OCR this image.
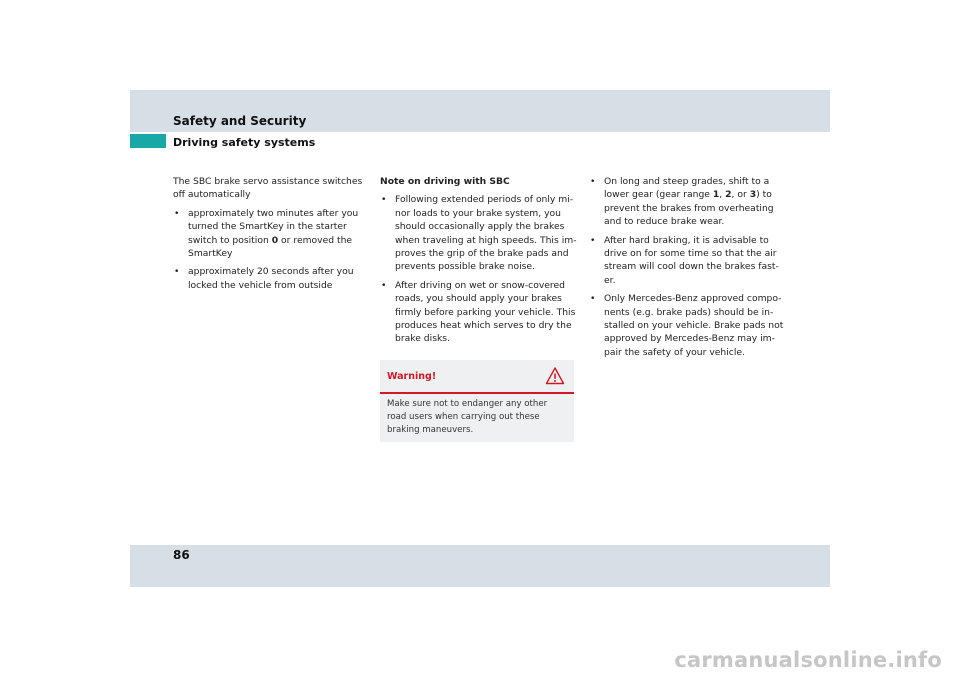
Safety and Security
Driving safety systems

The SBC brake servo assistance switches off automatically

• approximately two minutes after you turned the SmartKey in the starter switch to position 0 or removed the SmartKey
• approximately 20 seconds after you locked the vehicle from outside

Note on driving with SBC

• Following extended periods of only mi-nor loads to your brake system, you should occasionally apply the brakes when traveling at high speeds. This im-proves the grip of the brake pads and prevents possible brake noise.
• After driving on wet or snow-covered roads, you should apply your brakes firmly before parking your vehicle. This produces heat which serves to dry the brake disks.
Warning!
Make sure not to endanger any other road users when carrying out these braking maneuvers.
• On long and steep grades, shift to a lower gear (gear range 1, 2, or 3) to prevent the brakes from overheating and to reduce brake wear.
• After hard braking, it is advisable to drive on for some time so that the air stream will cool down the brakes fast-er.
• Only Mercedes-Benz approved compo-nents (e.g. brake pads) should be in-stalled on your vehicle. Brake pads not approved by Mercedes-Benz may im-pair the safety of your vehicle.
86
carmanualsonline.info
